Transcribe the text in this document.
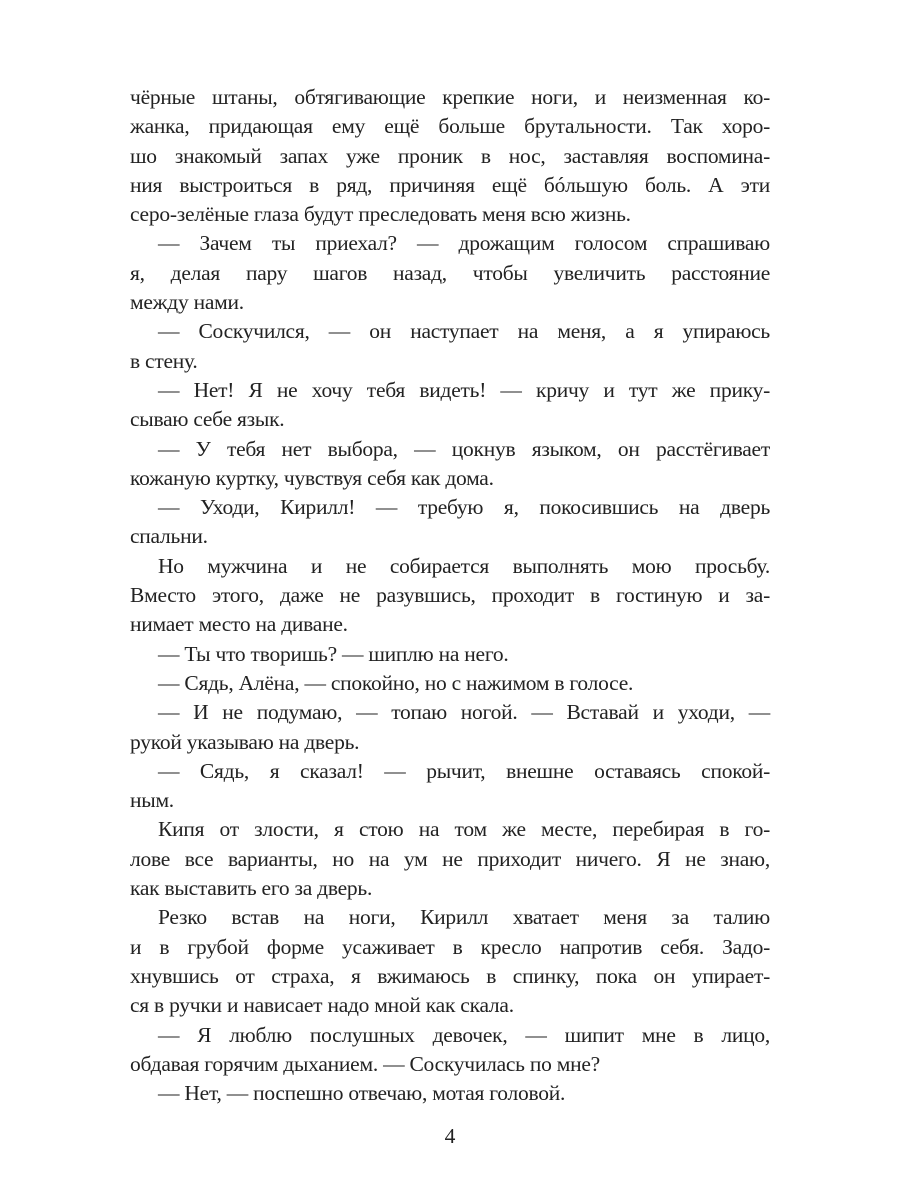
чёрные штаны, обтягивающие крепкие ноги, и неизменная ко-
жанка, придающая ему ещё больше брутальности. Так хоро-
шо знакомый запах уже проник в нос, заставляя воспомина-
ния выстроиться в ряд, причиняя ещё бóльшую боль. А эти
серо-зелёные глаза будут преследовать меня всю жизнь.
— Зачем ты приехал? — дрожащим голосом спрашиваю
я, делая пару шагов назад, чтобы увеличить расстояние
между нами.
— Соскучился, — он наступает на меня, а я упираюсь
в стену.
— Нет! Я не хочу тебя видеть! — кричу и тут же прику-
сываю себе язык.
— У тебя нет выбора, — цокнув языком, он расстёгивает
кожаную куртку, чувствуя себя как дома.
— Уходи, Кирилл! — требую я, покосившись на дверь
спальни.
Но мужчина и не собирается выполнять мою просьбу.
Вместо этого, даже не разувшись, проходит в гостиную и за-
нимает место на диване.
— Ты что творишь? — шиплю на него.
— Сядь, Алёна, — спокойно, но с нажимом в голосе.
— И не подумаю, — топаю ногой. — Вставай и уходи, —
рукой указываю на дверь.
— Сядь, я сказал! — рычит, внешне оставаясь спокой-
ным.
Кипя от злости, я стою на том же месте, перебирая в го-
лове все варианты, но на ум не приходит ничего. Я не знаю,
как выставить его за дверь.
Резко встав на ноги, Кирилл хватает меня за талию
и в грубой форме усаживает в кресло напротив себя. Задо-
хнувшись от страха, я вжимаюсь в спинку, пока он упирает-
ся в ручки и нависает надо мной как скала.
— Я люблю послушных девочек, — шипит мне в лицо,
обдавая горячим дыханием. — Соскучилась по мне?
— Нет, — поспешно отвечаю, мотая головой.
4
